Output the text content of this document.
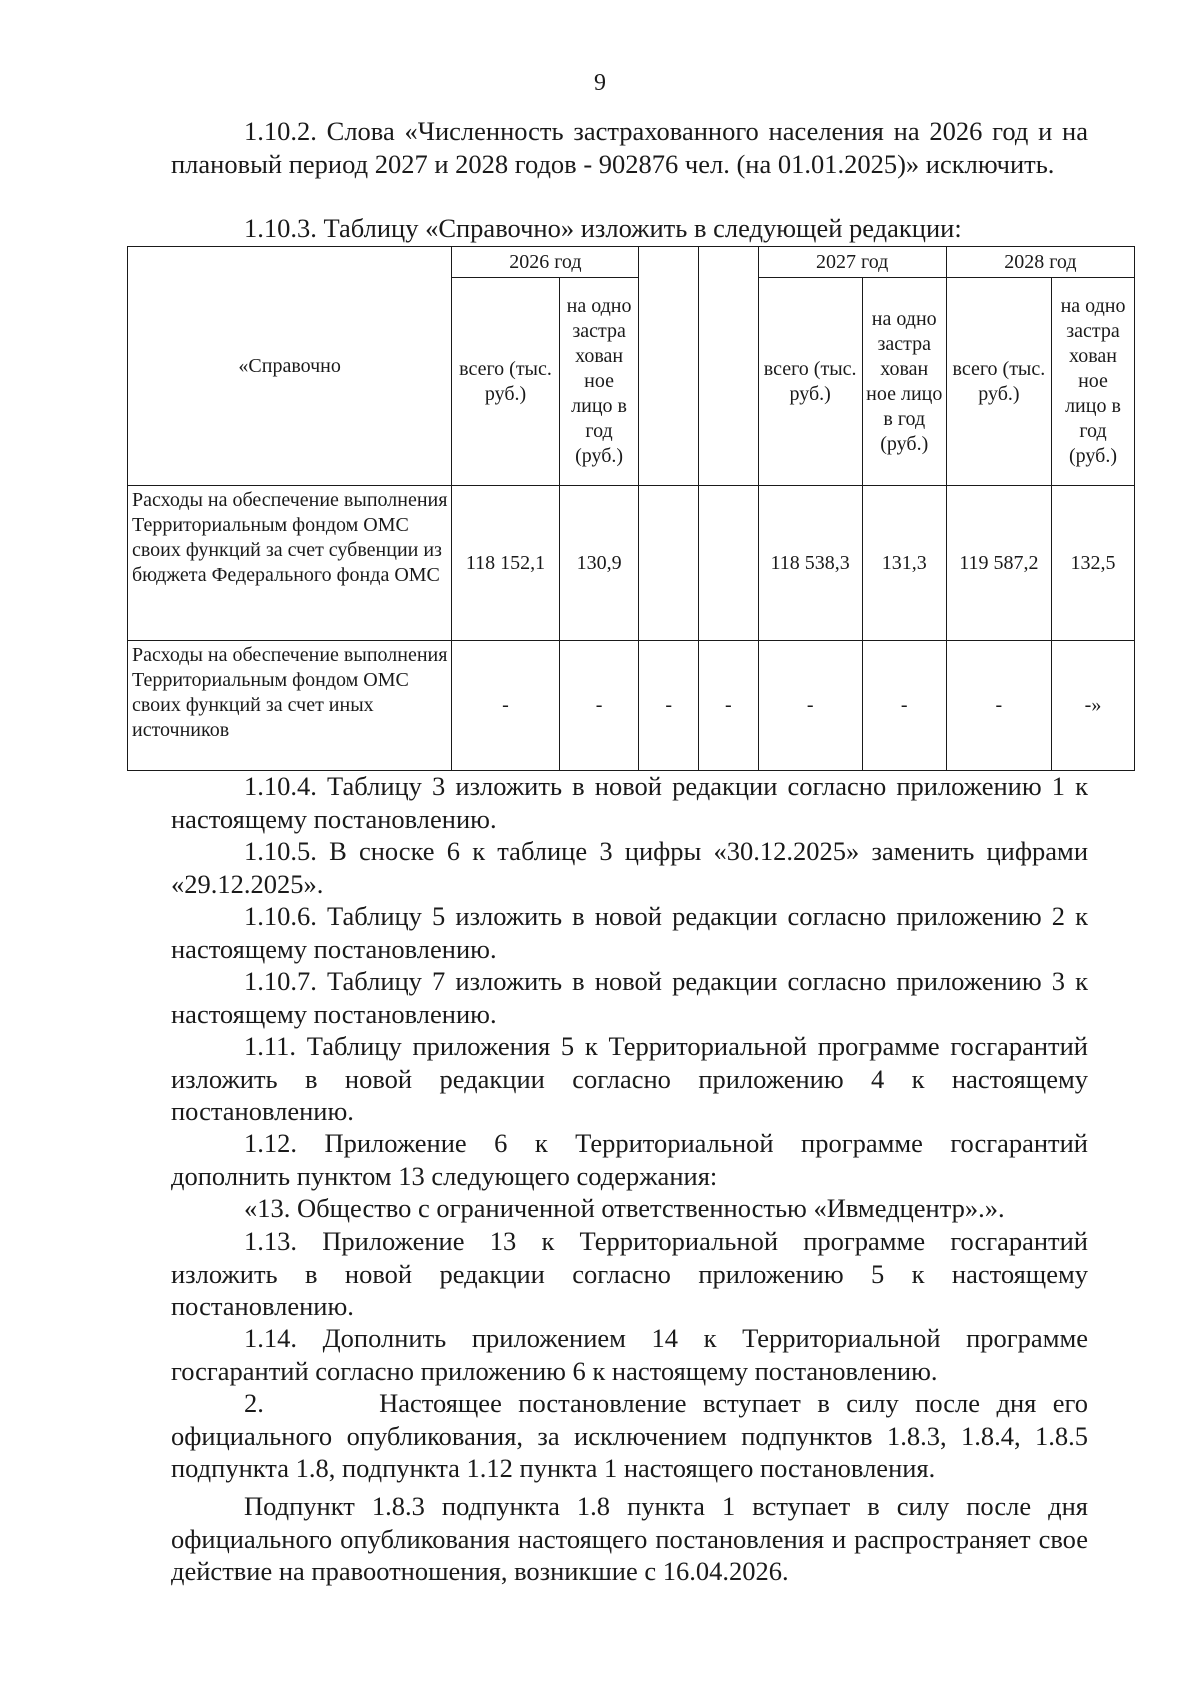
9

1.10.2. Слова «Численность застрахованного населения на 2026 год и на плановый период 2027 и 2028 годов - 902876 чел. (на 01.01.2025)» исключить.

1.10.3. Таблицу «Справочно» изложить в следующей редакции:

«Справочно	2026 год				2027 год		2028 год	
	всего (тыс. руб.)	на одно застра хован ное лицо в год (руб.)			всего (тыс. руб.)	на одно застра хован ное лицо в год (руб.)	всего (тыс. руб.)	на одно застра хован ное лицо в год (руб.)
Расходы на обеспечение выполнения Территориальным фондом ОМС своих функций за счет субвенции из бюджета Федерального фонда ОМС	118 152,1	130,9			118 538,3	131,3	119 587,2	132,5
Расходы на обеспечение выполнения Территориальным фондом ОМС своих функций за счет иных источников	-	-	-	-	-	-	-	-»

1.10.4. Таблицу 3 изложить в новой редакции согласно приложению 1 к настоящему постановлению.

1.10.5. В сноске 6 к таблице 3 цифры «30.12.2025» заменить цифрами «29.12.2025».

1.10.6. Таблицу 5 изложить в новой редакции согласно приложению 2 к настоящему постановлению.

1.10.7. Таблицу 7 изложить в новой редакции согласно приложению 3 к настоящему постановлению.

1.11. Таблицу приложения 5 к Территориальной программе госгарантий изложить в новой редакции согласно приложению 4 к настоящему постановлению.

1.12. Приложение 6 к Территориальной программе госгарантий дополнить пунктом 13 следующего содержания:

«13. Общество с ограниченной ответственностью «Ивмедцентр».».

1.13. Приложение 13 к Территориальной программе госгарантий изложить в новой редакции согласно приложению 5 к настоящему постановлению.

1.14. Дополнить приложением 14 к Территориальной программе госгарантий согласно приложению 6 к настоящему постановлению.

2.       Настоящее постановление вступает в силу после дня его официального опубликования, за исключением подпунктов 1.8.3, 1.8.4, 1.8.5 подпункта 1.8, подпункта 1.12 пункта 1 настоящего постановления.

Подпункт 1.8.3 подпункта 1.8 пункта 1 вступает в силу после дня официального опубликования настоящего постановления и распространяет свое действие на правоотношения, возникшие с 16.04.2026.
